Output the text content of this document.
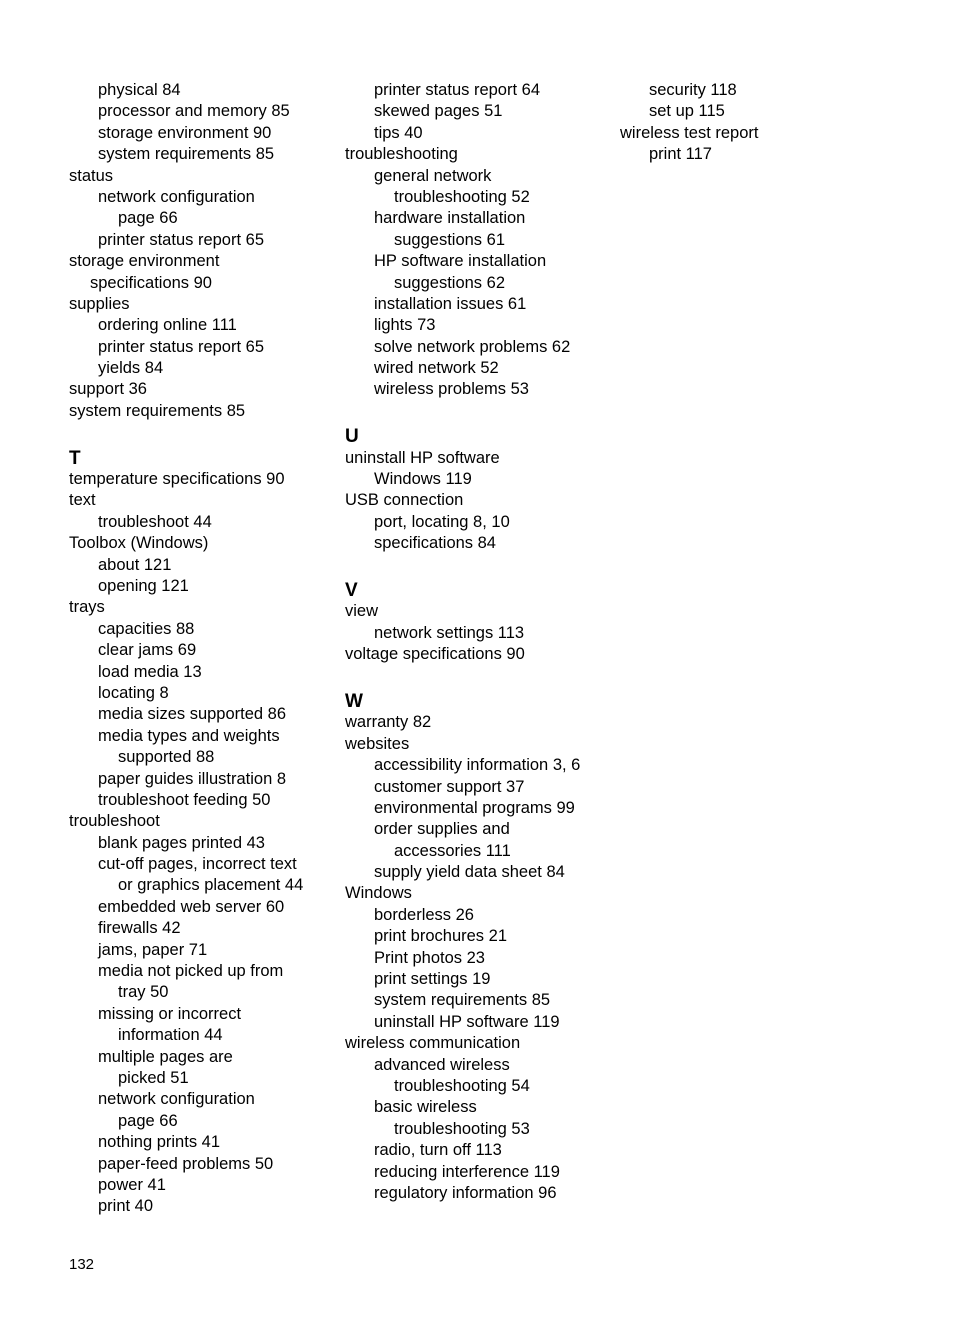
physical 84
processor and memory 85
storage environment 90
system requirements 85
status
network configuration
page 66
printer status report 65
storage environment
specifications 90
supplies
ordering online 111
printer status report 65
yields 84
support 36
system requirements 85
T
temperature specifications 90
text
troubleshoot 44
Toolbox (Windows)
about 121
opening 121
trays
capacities 88
clear jams 69
load media 13
locating 8
media sizes supported 86
media types and weights
supported 88
paper guides illustration 8
troubleshoot feeding 50
troubleshoot
blank pages printed 43
cut-off pages, incorrect text
or graphics placement 44
embedded web server 60
firewalls 42
jams, paper 71
media not picked up from
tray 50
missing or incorrect
information 44
multiple pages are
picked 51
network configuration
page 66
nothing prints 41
paper-feed problems 50
power 41
print 40
printer status report 64
skewed pages 51
tips 40
troubleshooting
general network
troubleshooting 52
hardware installation
suggestions 61
HP software installation
suggestions 62
installation issues 61
lights 73
solve network problems 62
wired network 52
wireless problems 53
U
uninstall HP software
Windows 119
USB connection
port, locating 8, 10
specifications 84
V
view
network settings 113
voltage specifications 90
W
warranty 82
websites
accessibility information 3, 6
customer support 37
environmental programs 99
order supplies and
accessories 111
supply yield data sheet 84
Windows
borderless 26
print brochures 21
Print photos 23
print settings 19
system requirements 85
uninstall HP software 119
wireless communication
advanced wireless
troubleshooting 54
basic wireless
troubleshooting 53
radio, turn off 113
reducing interference 119
regulatory information 96
security 118
set up 115
wireless test report
print 117
132
